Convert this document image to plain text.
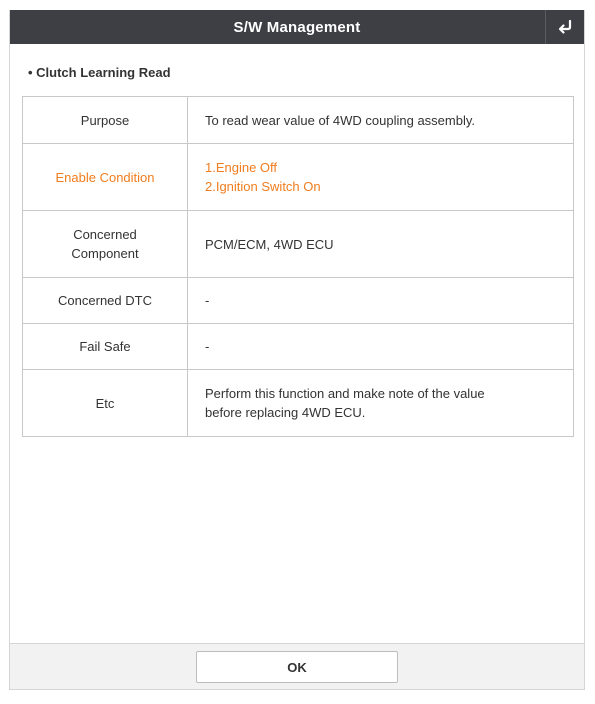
S/W Management
• Clutch Learning Read
Purpose	To read wear value of 4WD coupling assembly.

Enable Condition	1.Engine Off
2.Ignition Switch On

Concerned
Component	PCM/ECM, 4WD ECU

Concerned DTC	-

Fail Safe	-

Etc	Perform this function and make note of the value
before replacing 4WD ECU.
OK
